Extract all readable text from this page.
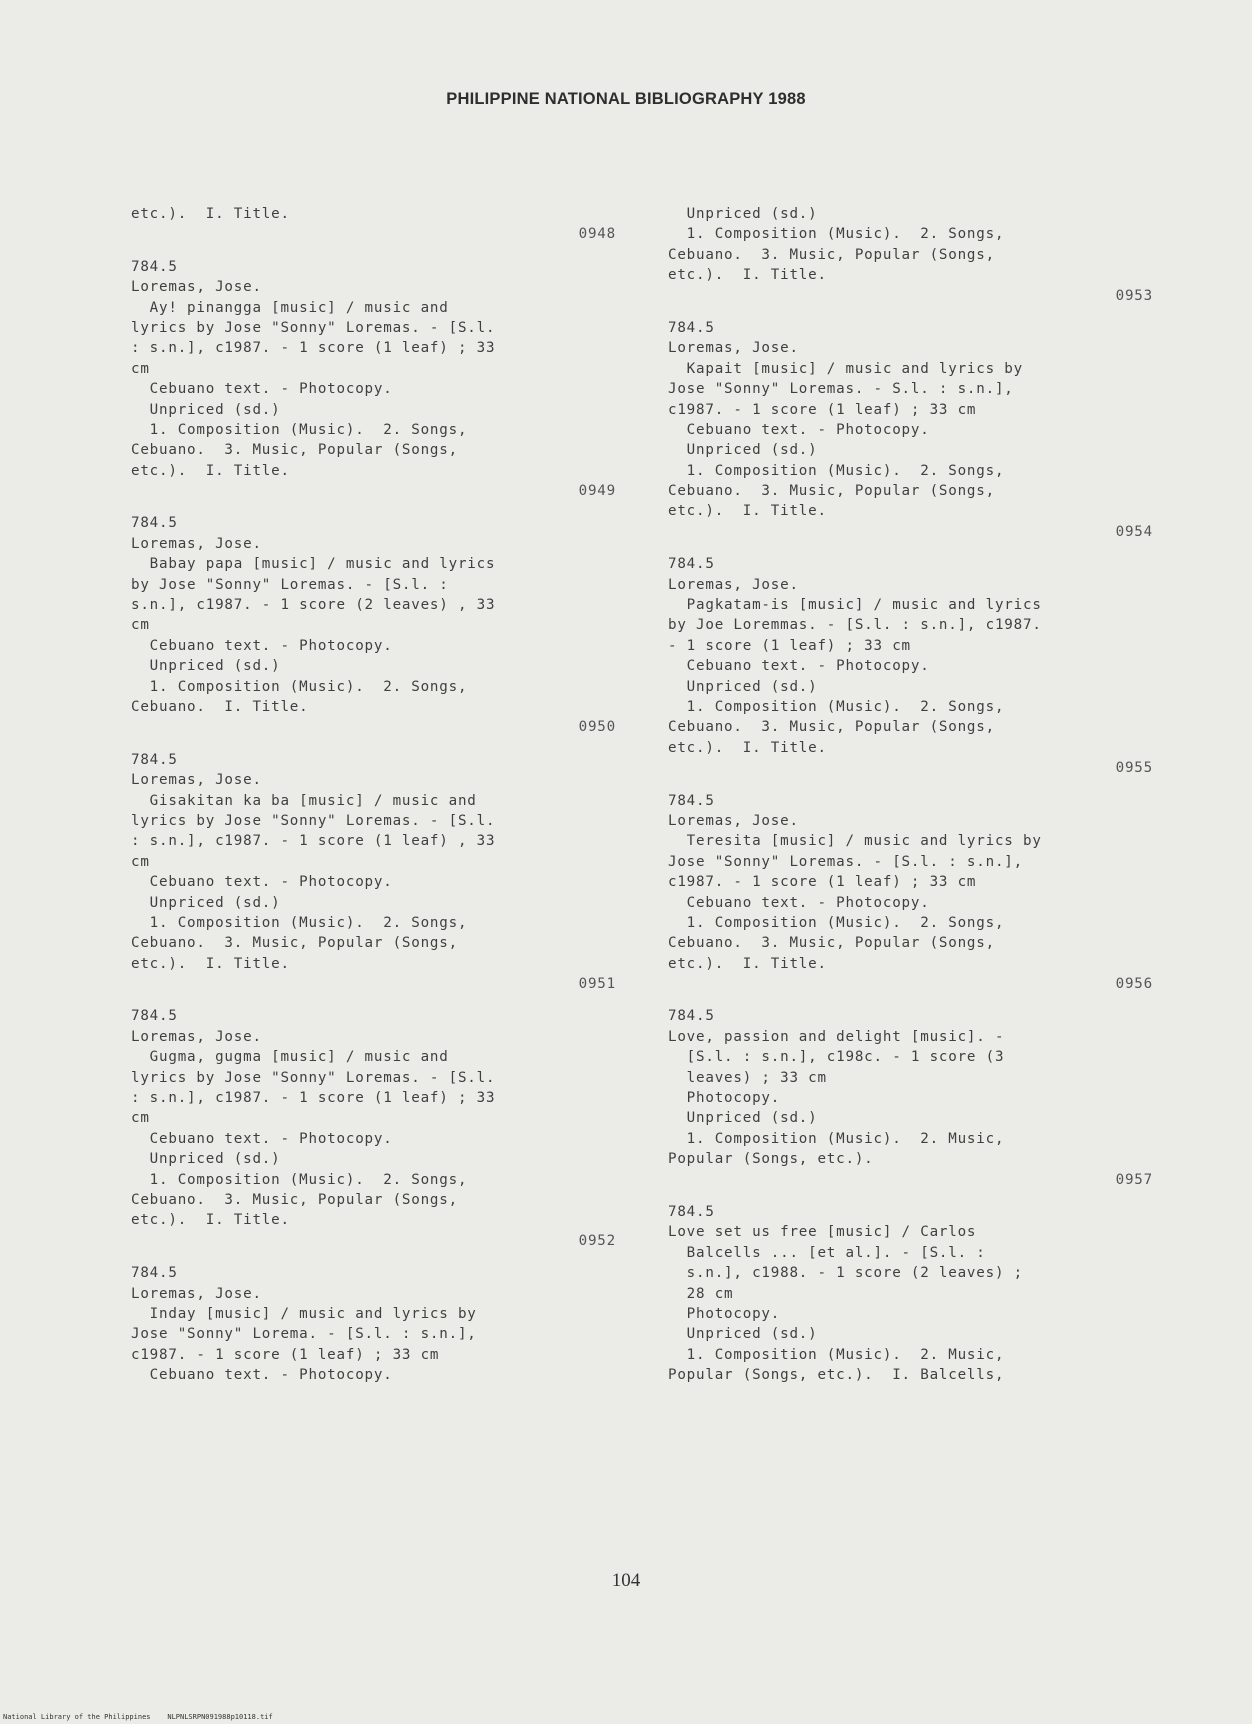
PHILIPPINE NATIONAL BIBLIOGRAPHY 1988
etc.).  I. Title.
0948
784.5
Loremas, Jose.
Ay! pinangga [music] / music and
lyrics by Jose "Sonny" Loremas. - [S.l.
: s.n.], c1987. - 1 score (1 leaf) ; 33
cm
Cebuano text. - Photocopy.
Unpriced (sd.)
1. Composition (Music).  2. Songs,
Cebuano.  3. Music, Popular (Songs,
etc.).  I. Title.
0949
784.5
Loremas, Jose.
Babay papa [music] / music and lyrics
by Jose "Sonny" Loremas. - [S.l. :
s.n.], c1987. - 1 score (2 leaves) , 33
cm
Cebuano text. - Photocopy.
Unpriced (sd.)
1. Composition (Music).  2. Songs,
Cebuano.  I. Title.
0950
784.5
Loremas, Jose.
Gisakitan ka ba [music] / music and
lyrics by Jose "Sonny" Loremas. - [S.l.
: s.n.], c1987. - 1 score (1 leaf) , 33
cm
Cebuano text. - Photocopy.
Unpriced (sd.)
1. Composition (Music).  2. Songs,
Cebuano.  3. Music, Popular (Songs,
etc.).  I. Title.
0951
784.5
Loremas, Jose.
Gugma, gugma [music] / music and
lyrics by Jose "Sonny" Loremas. - [S.l.
: s.n.], c1987. - 1 score (1 leaf) ; 33
cm
Cebuano text. - Photocopy.
Unpriced (sd.)
1. Composition (Music).  2. Songs,
Cebuano.  3. Music, Popular (Songs,
etc.).  I. Title.
0952
784.5
Loremas, Jose.
Inday [music] / music and lyrics by
Jose "Sonny" Lorema. - [S.l. : s.n.],
c1987. - 1 score (1 leaf) ; 33 cm
Cebuano text. - Photocopy.
Unpriced (sd.)
1. Composition (Music).  2. Songs,
Cebuano.  3. Music, Popular (Songs,
etc.).  I. Title.
0953
784.5
Loremas, Jose.
Kapait [music] / music and lyrics by
Jose "Sonny" Loremas. - S.l. : s.n.],
c1987. - 1 score (1 leaf) ; 33 cm
Cebuano text. - Photocopy.
Unpriced (sd.)
1. Composition (Music).  2. Songs,
Cebuano.  3. Music, Popular (Songs,
etc.).  I. Title.
0954
784.5
Loremas, Jose.
Pagkatam-is [music] / music and lyrics
by Joe Loremmas. - [S.l. : s.n.], c1987.
- 1 score (1 leaf) ; 33 cm
Cebuano text. - Photocopy.
Unpriced (sd.)
1. Composition (Music).  2. Songs,
Cebuano.  3. Music, Popular (Songs,
etc.).  I. Title.
0955
784.5
Loremas, Jose.
Teresita [music] / music and lyrics by
Jose "Sonny" Loremas. - [S.l. : s.n.],
c1987. - 1 score (1 leaf) ; 33 cm
Cebuano text. - Photocopy.
1. Composition (Music).  2. Songs,
Cebuano.  3. Music, Popular (Songs,
etc.).  I. Title.
0956
784.5
Love, passion and delight [music]. -
[S.l. : s.n.], c198c. - 1 score (3
leaves) ; 33 cm
Photocopy.
Unpriced (sd.)
1. Composition (Music).  2. Music,
Popular (Songs, etc.).
0957
784.5
Love set us free [music] / Carlos
Balcells ... [et al.]. - [S.l. :
s.n.], c1988. - 1 score (2 leaves) ;
28 cm
Photocopy.
Unpriced (sd.)
1. Composition (Music).  2. Music,
Popular (Songs, etc.).  I. Balcells,
104
National Library of the Philippines    NLPNLSRPN091988p10118.tif
